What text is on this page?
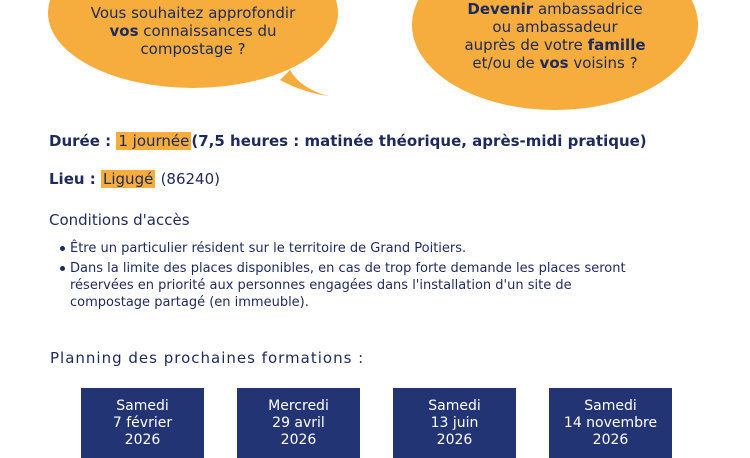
Vous souhaitez approfondir
vos connaissances du
compostage ?
Devenir ambassadrice
ou ambassadeur
auprès de votre famille
et/ou de vos voisins ?
Durée : 1 journée (7,5 heures : matinée théorique, après-midi pratique)
Lieu : Ligugé (86240)
Conditions d'accès
Être un particulier résident sur le territoire de Grand Poitiers.
Dans la limite des places disponibles, en cas de trop forte demande les places seront réservées en priorité aux personnes engagées dans l'installation d'un site de compostage partagé (en immeuble).
Planning des prochaines formations :
Samedi
7 février
2026
Mercredi
29 avril
2026
Samedi
13 juin
2026
Samedi
14 novembre
2026
